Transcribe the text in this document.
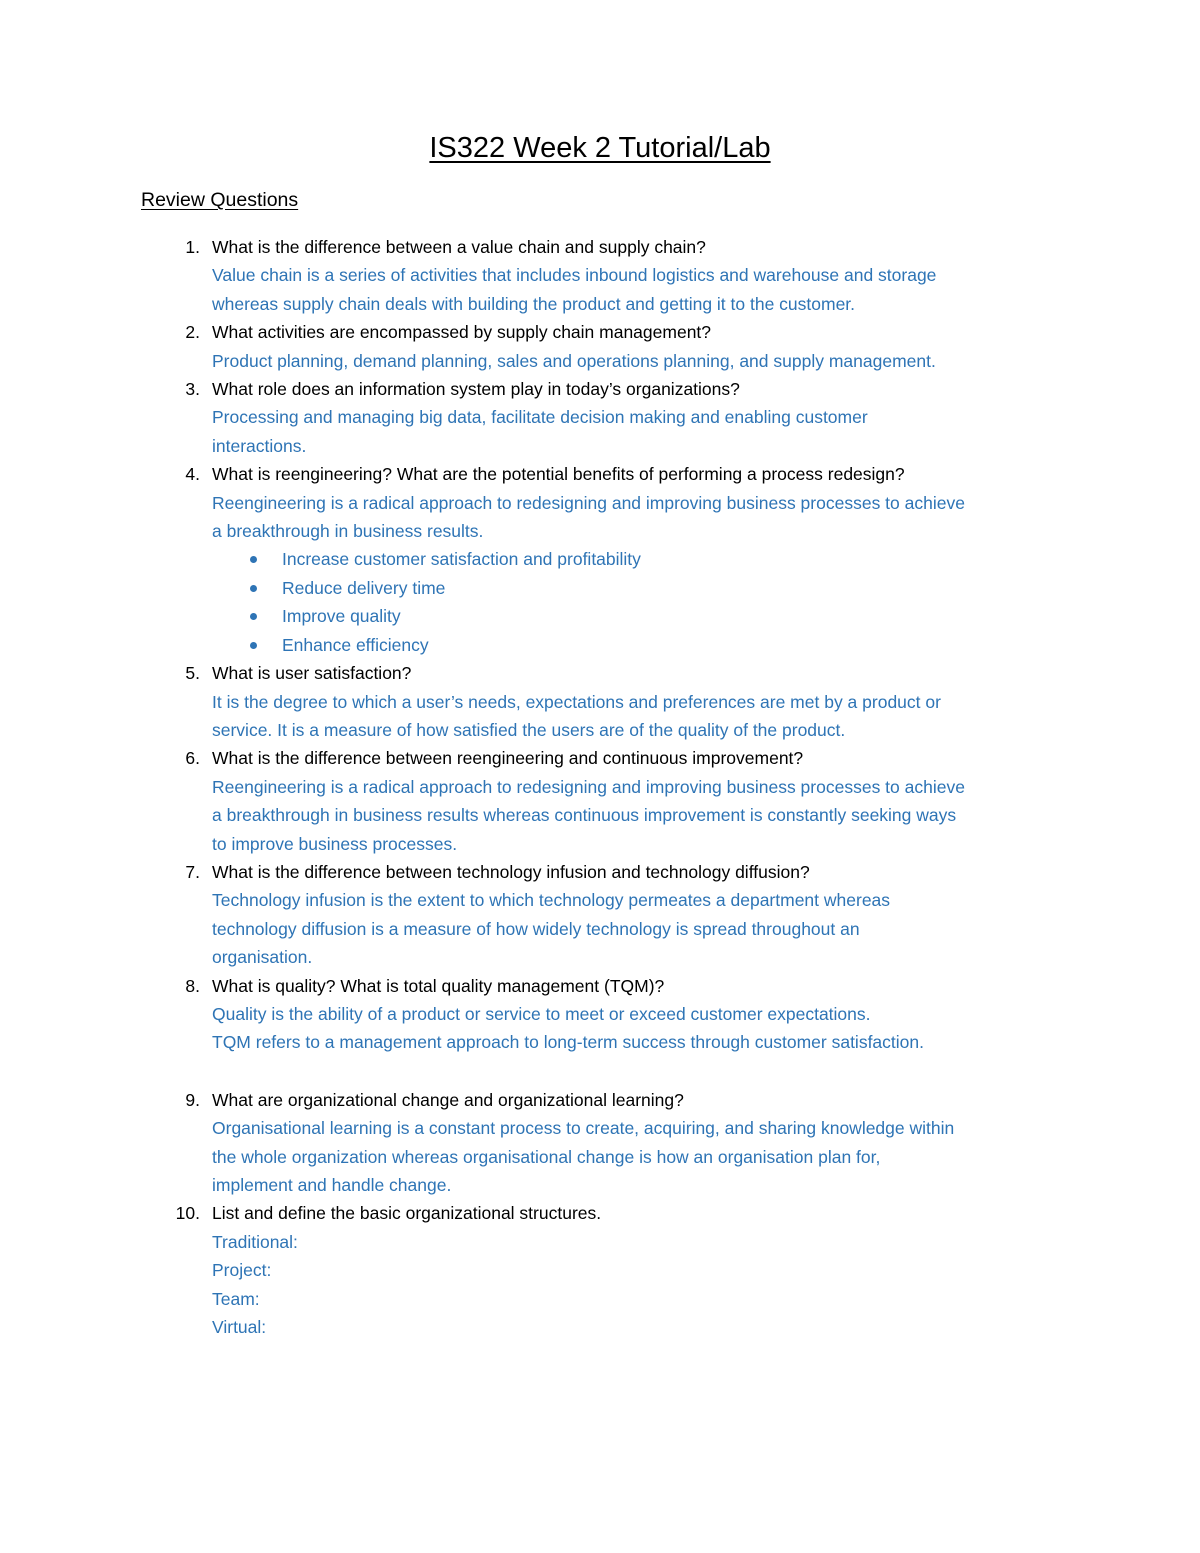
IS322 Week 2 Tutorial/Lab
Review Questions
1. What is the difference between a value chain and supply chain?
Value chain is a series of activities that includes inbound logistics and warehouse and storage
whereas supply chain deals with building the product and getting it to the customer.
2. What activities are encompassed by supply chain management?
Product planning, demand planning, sales and operations planning, and supply management.
3. What role does an information system play in today’s organizations?
Processing and managing big data, facilitate decision making and enabling customer
interactions.
4. What is reengineering? What are the potential benefits of performing a process redesign?
Reengineering is a radical approach to redesigning and improving business processes to achieve
a breakthrough in business results.
Increase customer satisfaction and profitability
Reduce delivery time
Improve quality
Enhance efficiency
5. What is user satisfaction?
It is the degree to which a user’s needs, expectations and preferences are met by a product or
service. It is a measure of how satisfied the users are of the quality of the product.
6. What is the difference between reengineering and continuous improvement?
Reengineering is a radical approach to redesigning and improving business processes to achieve
a breakthrough in business results whereas continuous improvement is constantly seeking ways
to improve business processes.
7. What is the difference between technology infusion and technology diffusion?
Technology infusion is the extent to which technology permeates a department whereas
technology diffusion is a measure of how widely technology is spread throughout an
organisation.
8. What is quality? What is total quality management (TQM)?
Quality is the ability of a product or service to meet or exceed customer expectations.
TQM refers to a management approach to long-term success through customer satisfaction.
9. What are organizational change and organizational learning?
Organisational learning is a constant process to create, acquiring, and sharing knowledge within
the whole organization whereas organisational change is how an organisation plan for,
implement and handle change.
10. List and define the basic organizational structures.
Traditional:
Project:
Team:
Virtual:
